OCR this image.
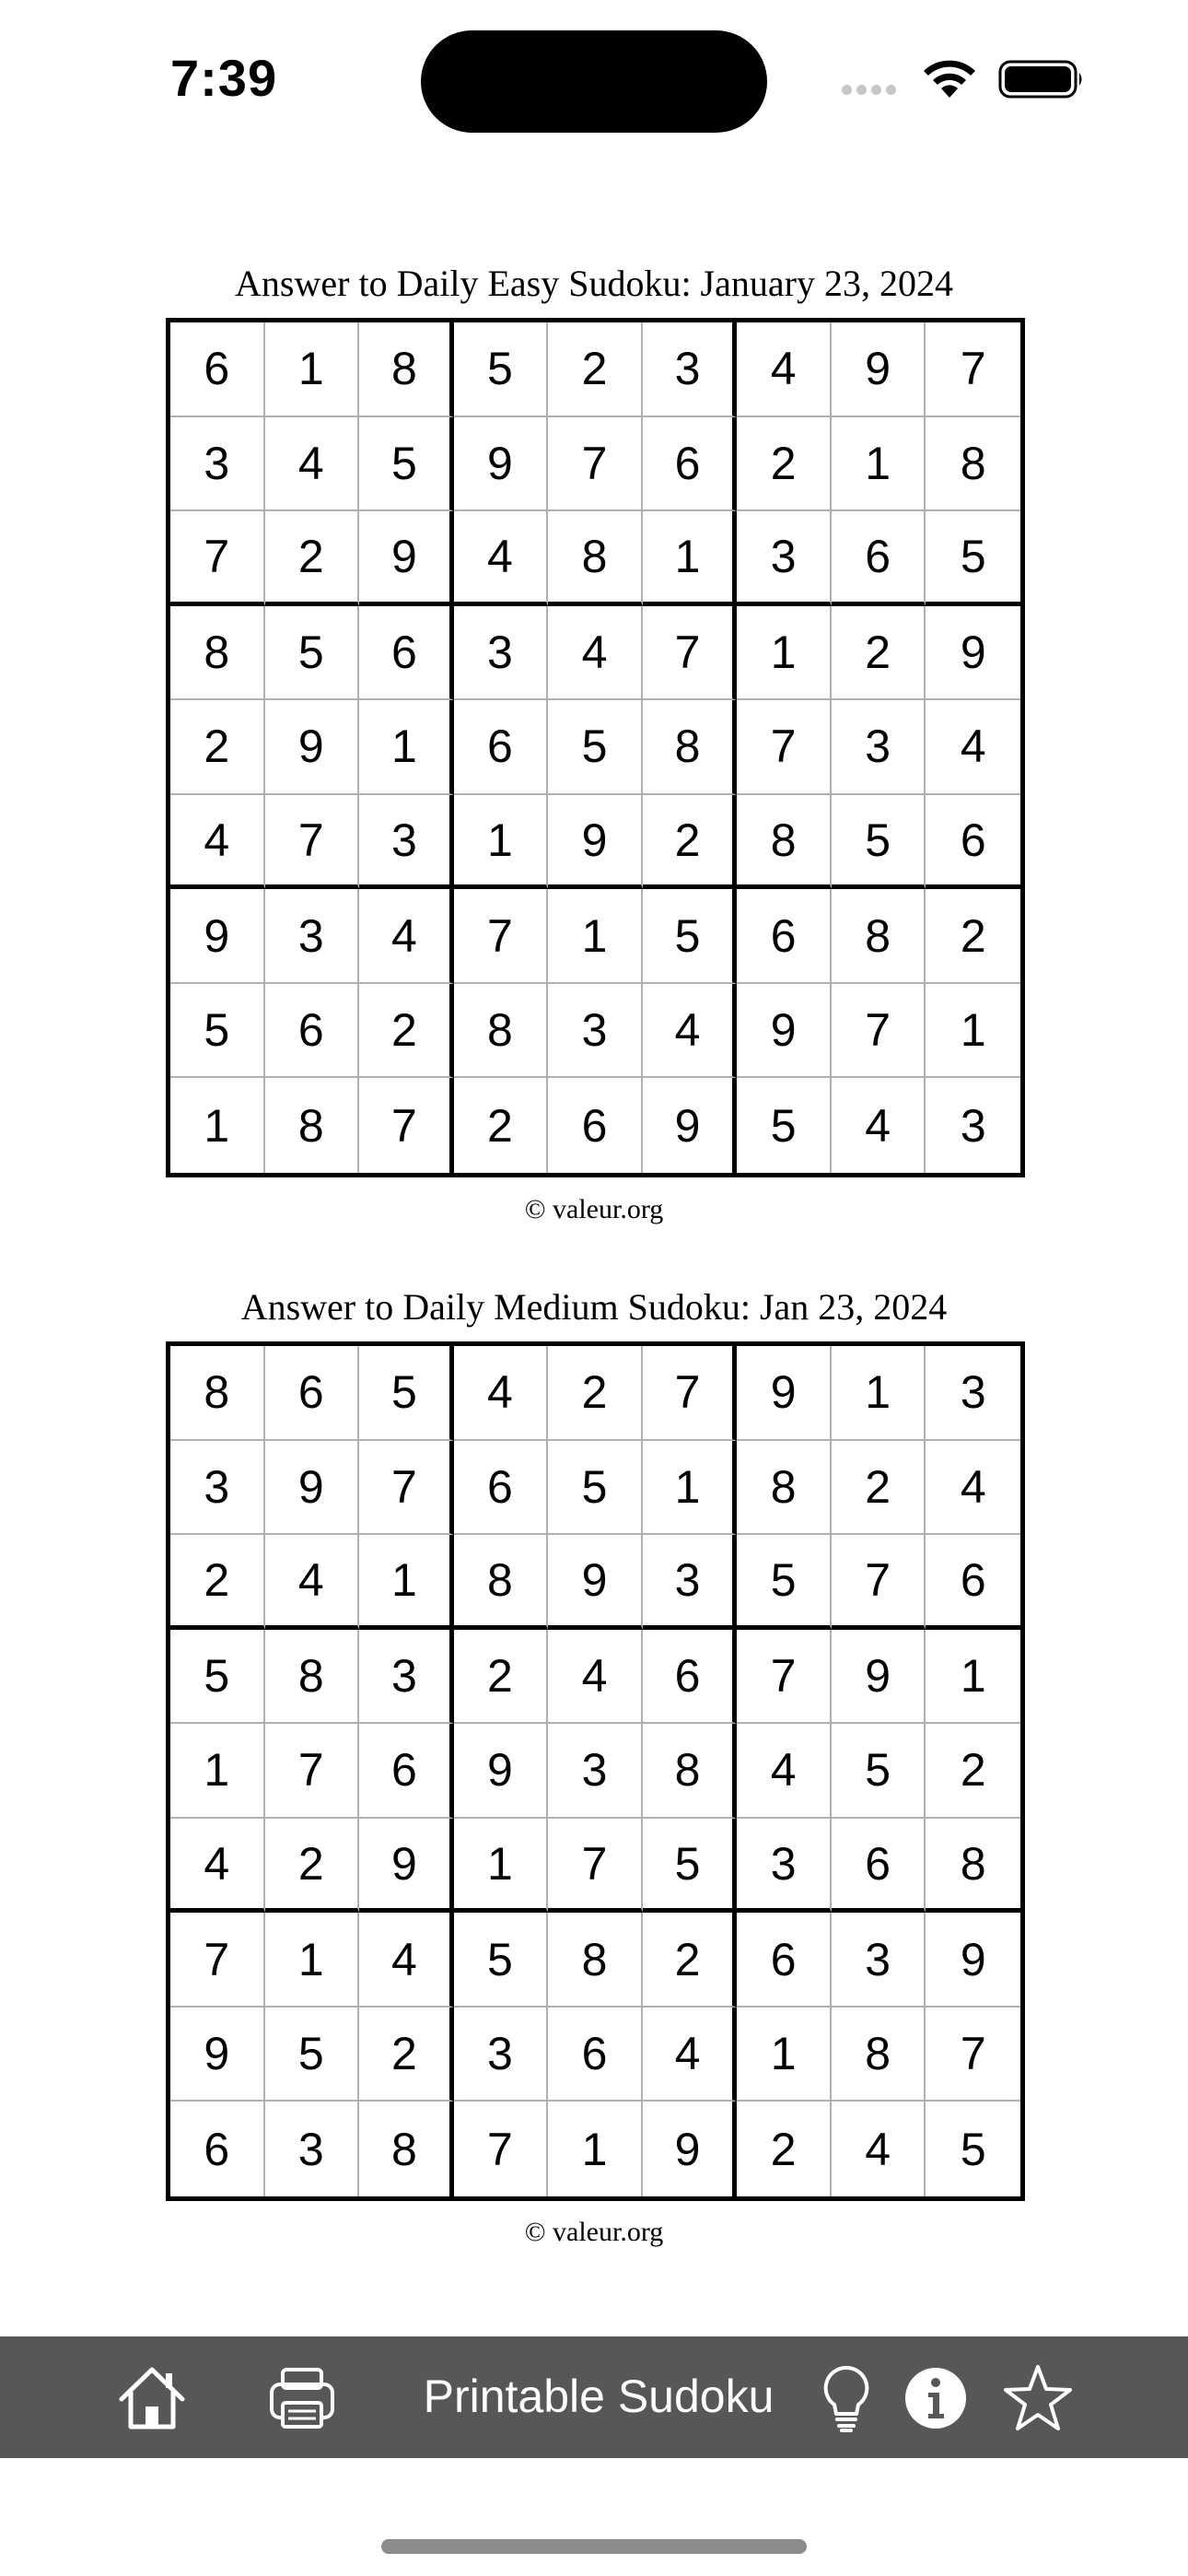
7:39
Answer to Daily Easy Sudoku: January 23, 2024
6	1	8	5	2	3	4	9	7
3	4	5	9	7	6	2	1	8
7	2	9	4	8	1	3	6	5
8	5	6	3	4	7	1	2	9
2	9	1	6	5	8	7	3	4
4	7	3	1	9	2	8	5	6
9	3	4	7	1	5	6	8	2
5	6	2	8	3	4	9	7	1
1	8	7	2	6	9	5	4	3
© valeur.org
Answer to Daily Medium Sudoku: Jan 23, 2024
8	6	5	4	2	7	9	1	3
3	9	7	6	5	1	8	2	4
2	4	1	8	9	3	5	7	6
5	8	3	2	4	6	7	9	1
1	7	6	9	3	8	4	5	2
4	2	9	1	7	5	3	6	8
7	1	4	5	8	2	6	3	9
9	5	2	3	6	4	1	8	7
6	3	8	7	1	9	2	4	5
© valeur.org
Printable Sudoku
